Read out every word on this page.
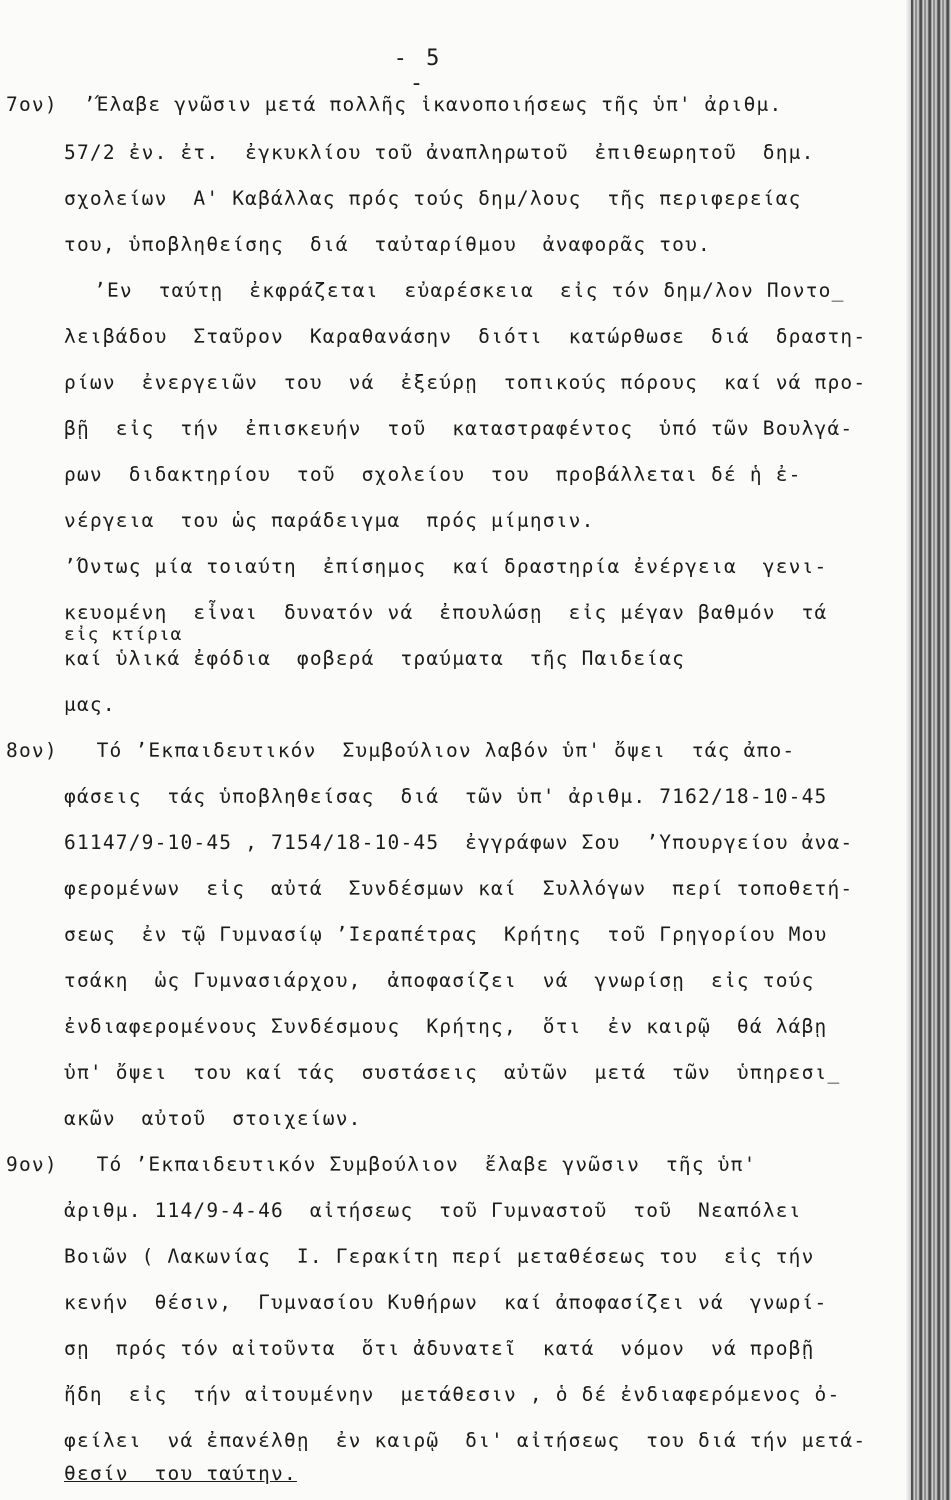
- 5 -
7ον)  ʼΈλαβε γνῶσιν μετά πολλῆς ἱκανοποιήσεως τῆς ὑπ' ἀριθμ.
57/2 ἐν. ἐτ.  ἐγκυκλίου τοῦ ἀναπληρωτοῦ  ἐπιθεωρητοῦ  δημ.
σχολείων  Α' Καβάλλας πρός τούς δημ/λους  τῆς περιφερείας
του, ὑποβληθείσης  διά  ταὐταρίθμου  ἀναφορᾶς του.
ʼΕν  ταύτῃ  ἐκφράζεται  εὐαρέσκεια  εἰς τόν δημ/λον Ποντο_
λειβάδου  Σταῦρον  Καραθανάσην  διότι  κατώρθωσε  διά  δραστη-
ρίων  ἐνεργειῶν  του  νά  ἐξεύρῃ  τοπικούς πόρους  καί νά προ-
βῇ  εἰς  τήν  ἐπισκευήν  τοῦ  καταστραφέντος  ὑπό τῶν Βουλγά-
ρων  διδακτηρίου  τοῦ  σχολείου  του  προβάλλεται δέ ἡ ἐ-
νέργεια  του ὡς παράδειγμα  πρός μίμησιν.
ʼΌντως μία τοιαύτη  ἐπίσημος  καί δραστηρία ἐνέργεια  γενι-
κευομένη  εἶναι  δυνατόν νά  ἐπουλώσῃ  εἰς μέγαν βαθμόν  τά
εἰς κτίρια
καί ὑλικά ἐφόδια  φοβερά  τραύματα  τῆς Παιδείας
μας.
8ον)   Τό ʼΕκπαιδευτικόν  Συμβούλιον λαβόν ὑπ' ὄψει  τάς ἀπο-
φάσεις  τάς ὑποβληθείσας  διά  τῶν ὑπ' ἀριθμ. 7162/18-10-45
61147/9-10-45 , 7154/18-10-45  ἐγγράφων Σου  ʼΥπουργείου ἀνα-
φερομένων  εἰς  αὐτά  Συνδέσμων καί  Συλλόγων  περί τοποθετή-
σεως  ἐν τῷ Γυμνασίῳ ʼΙεραπέτρας  Κρήτης  τοῦ Γρηγορίου Μου
τσάκη  ὡς Γυμνασιάρχου,  ἀποφασίζει  νά  γνωρίσῃ  εἰς τούς
ἐνδιαφερομένους Συνδέσμους  Κρήτης,  ὅτι  ἐν καιρῷ  θά λάβῃ
ὑπ' ὄψει  του καί τάς  συστάσεις  αὐτῶν  μετά  τῶν  ὑπηρεσι_
ακῶν  αὐτοῦ  στοιχείων.
9ον)   Τό ʼΕκπαιδευτικόν Συμβούλιον  ἔλαβε γνῶσιν  τῆς ὑπ'
ἀριθμ. 114/9-4-46  αἰτήσεως  τοῦ Γυμναστοῦ  τοῦ  Νεαπόλει
Βοιῶν ( Λακωνίας  Ι. Γερακίτη περί μεταθέσεως του  εἰς τήν
κενήν  θέσιν,  Γυμνασίου Κυθήρων  καί ἀποφασίζει νά  γνωρί-
σῃ  πρός τόν αἰτοῦντα  ὅτι ἀδυνατεῖ  κατά  νόμον  νά προβῇ
ἤδη  εἰς  τήν αἰτουμένην  μετάθεσιν , ὁ δέ ἐνδιαφερόμενος ὀ-
φείλει  νά ἐπανέλθῃ  ἐν καιρῷ  δι' αἰτήσεως  του διά τήν μετά-
θεσίν  του ταύτην.
